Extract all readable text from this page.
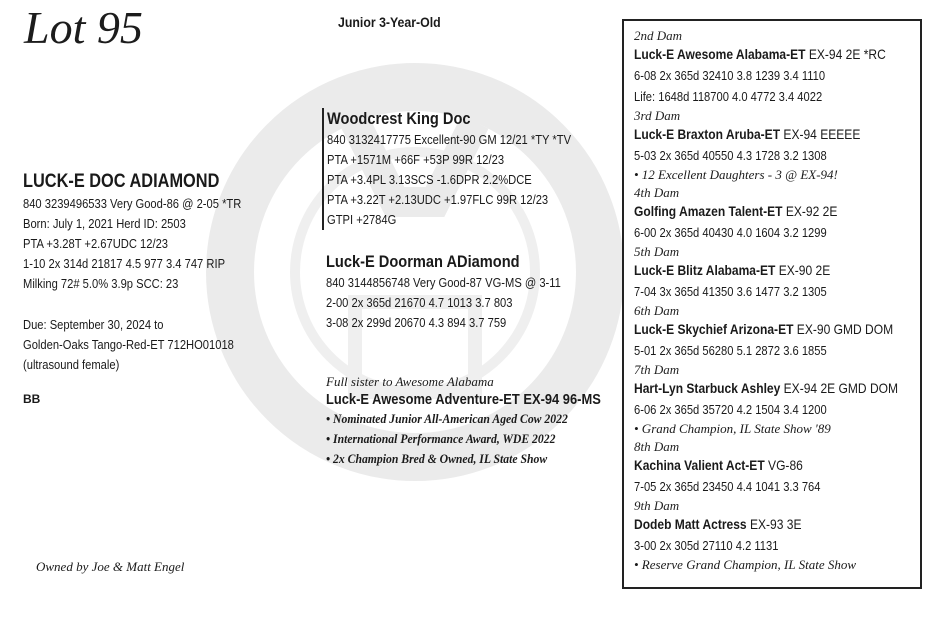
Lot 95	Junior 3-Year-Old
LUCK-E DOC ADIAMOND
840 3239496533 Very Good-86 @ 2-05 *TR
Born: July 1, 2021 Herd ID: 2503
PTA +3.28T +2.67UDC 12/23
1-10 2x 314d 21817 4.5 977 3.4 747 RIP
Milking 72# 5.0% 3.9p SCC: 23
Due: September 30, 2024 to
Golden-Oaks Tango-Red-ET 712HO01018
(ultrasound female)
BB
Owned by Joe & Matt Engel
Woodcrest King Doc
840 3132417775 Excellent-90 GM 12/21 *TY *TV
PTA +1571M +66F +53P 99R 12/23
PTA +3.4PL 3.13SCS -1.6DPR 2.2%DCE
PTA +3.22T +2.13UDC +1.97FLC 99R 12/23
GTPI +2784G
Luck-E Doorman ADiamond
840 3144856748 Very Good-87 VG-MS @ 3-11
2-00 2x 365d 21670 4.7 1013 3.7 803
3-08 2x 299d 20670 4.3 894 3.7 759
Full sister to Awesome Alabama
Luck-E Awesome Adventure-ET EX-94 96-MS
• Nominated Junior All-American Aged Cow 2022
• International Performance Award, WDE 2022
• 2x Champion Bred & Owned, IL State Show
2nd Dam
Luck-E Awesome Alabama-ET EX-94 2E *RC
6-08 2x 365d 32410 3.8 1239 3.4 1110
Life: 1648d 118700 4.0 4772 3.4 4022
3rd Dam
Luck-E Braxton Aruba-ET EX-94 EEEEE
5-03 2x 365d 40550 4.3 1728 3.2 1308
• 12 Excellent Daughters - 3 @ EX-94!
4th Dam
Golfing Amazen Talent-ET EX-92 2E
6-00 2x 365d 40430 4.0 1604 3.2 1299
5th Dam
Luck-E Blitz Alabama-ET EX-90 2E
7-04 3x 365d 41350 3.6 1477 3.2 1305
6th Dam
Luck-E Skychief Arizona-ET EX-90 GMD DOM
5-01 2x 365d 56280 5.1 2872 3.6 1855
7th Dam
Hart-Lyn Starbuck Ashley EX-94 2E GMD DOM
6-06 2x 365d 35720 4.2 1504 3.4 1200
• Grand Champion, IL State Show '89
8th Dam
Kachina Valient Act-ET VG-86
7-05 2x 365d 23450 4.4 1041 3.3 764
9th Dam
Dodeb Matt Actress EX-93 3E
3-00 2x 305d 27110 4.2 1131
• Reserve Grand Champion, IL State Show
